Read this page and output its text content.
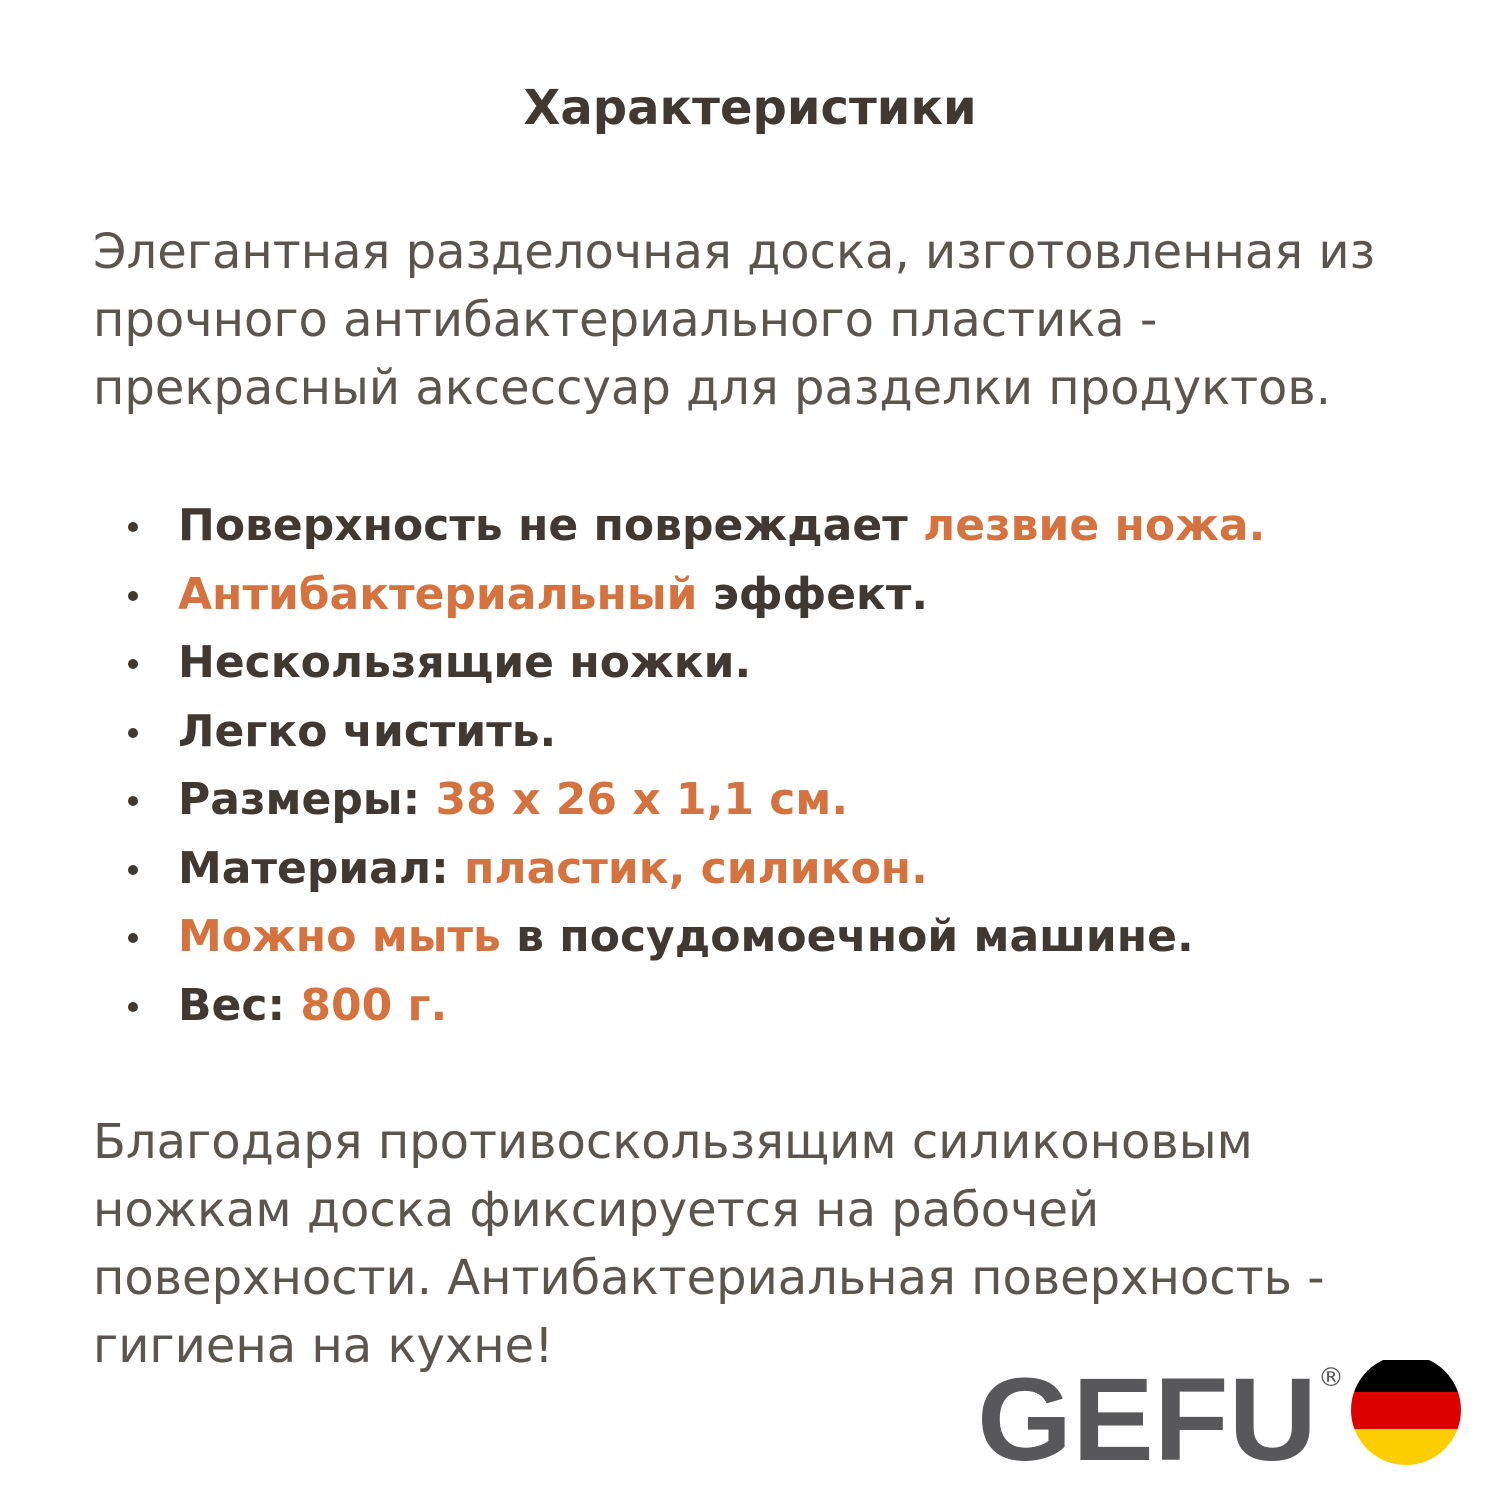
Характеристики
Элегантная разделочная доска, изготовленная из
прочного антибактериального пластика -
прекрасный аксессуар для разделки продуктов.
Поверхность не повреждает лезвие ножа.
Антибактериальный эффект.
Нескользящие ножки.
Легко чистить.
Размеры: 38 x 26 x 1,1 см.
Материал: пластик, силикон.
Можно мыть в посудомоечной машине.
Вес: 800 г.
Благодаря противоскользящим силиконовым
ножкам доска фиксируется на рабочей
поверхности. Антибактериальная поверхность -
гигиена на кухне!
GEFU ®
